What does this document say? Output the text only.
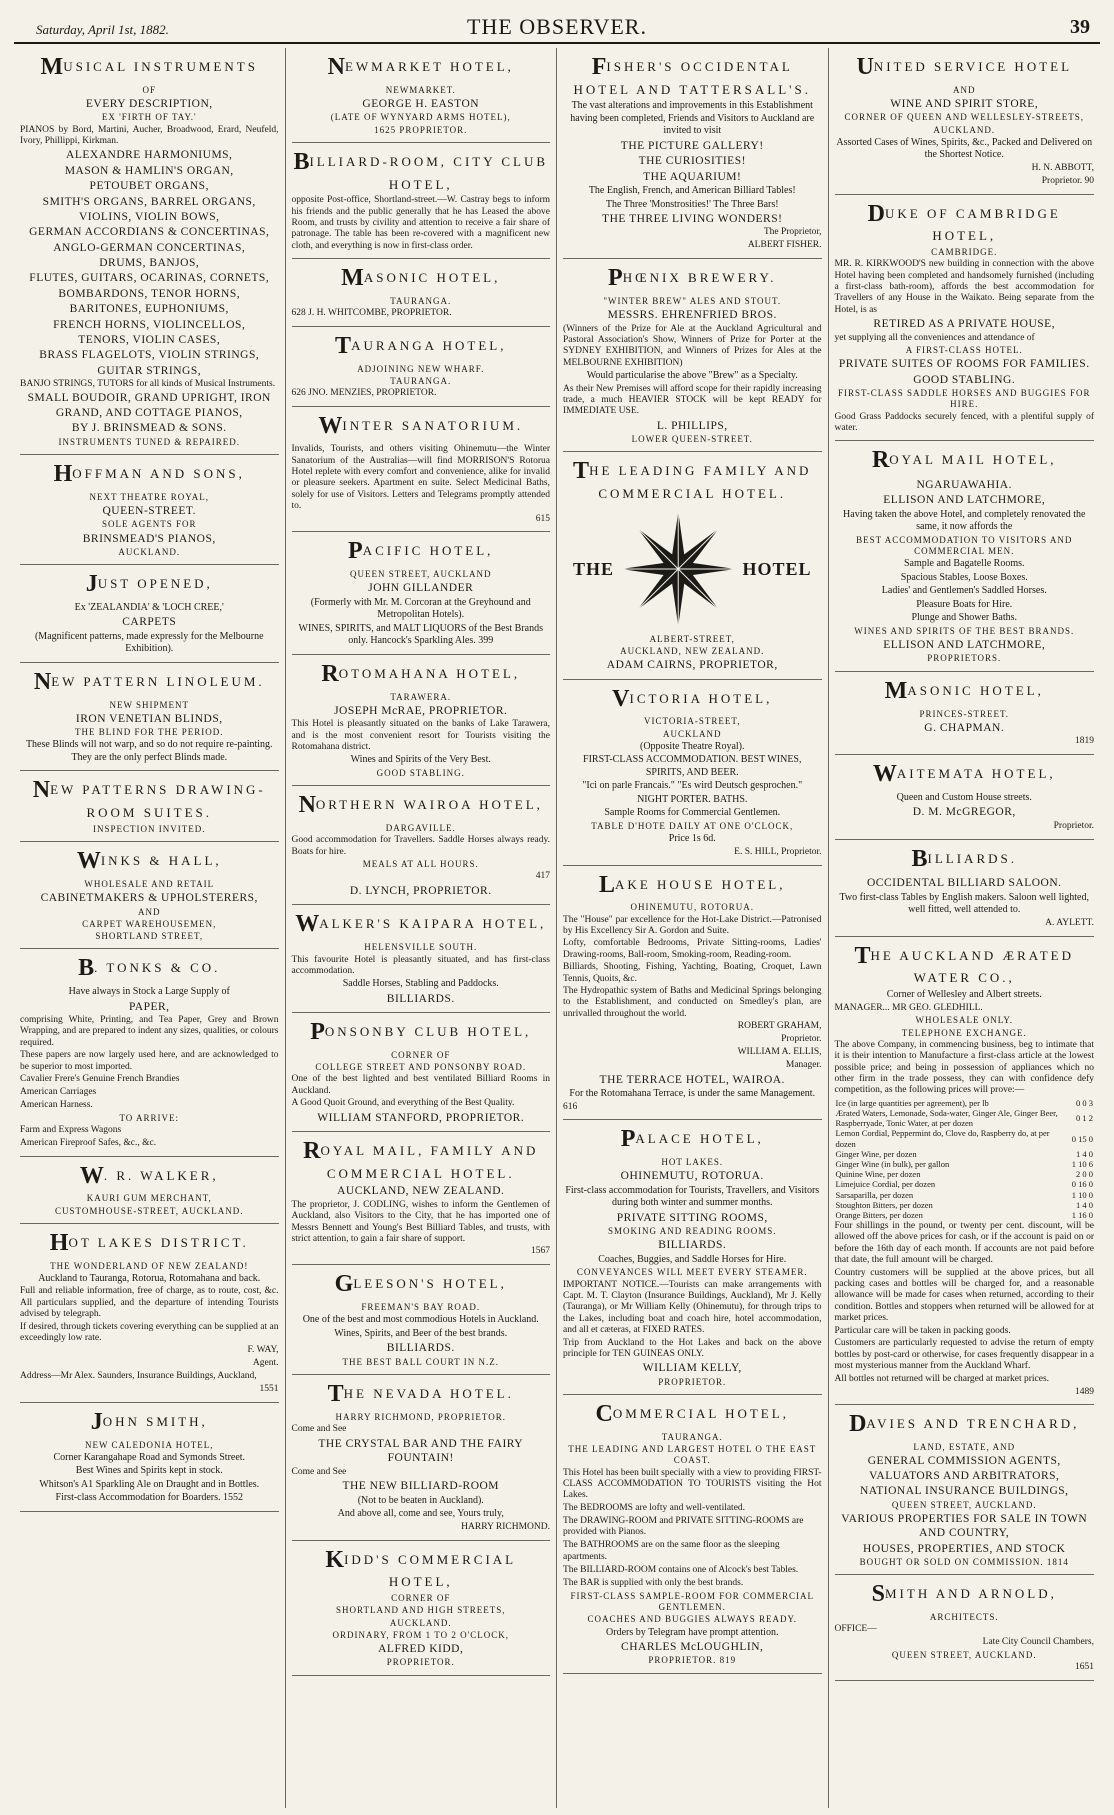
Saturday, April 1st, 1882.	THE OBSERVER.	39
MUSICAL INSTRUMENTS
OF
EVERY DESCRIPTION,
EX 'FIRTH OF TAY.'
PIANOS by Bord, Martini, Aucher, Broadwood, Erard, Neufeld, Ivory, Phillippi, Kirkman.
ALEXANDRE HARMONIUMS,
MASON & HAMLIN'S ORGAN,
PETOUBET ORGANS,
SMITH'S ORGANS, BARREL ORGANS,
VIOLINS, VIOLIN BOWS,
GERMAN ACCORDIANS & CONCERTINAS,
ANGLO-GERMAN CONCERTINAS,
DRUMS, BANJOS,
FLUTES, GUITARS, OCARINAS, CORNETS,
BOMBARDONS, TENOR HORNS,
BARITONES, EUPHONIUMS,
FRENCH HORNS, VIOLINCELLOS,
TENORS, VIOLIN CASES,
BRASS FLAGELOTS, VIOLIN STRINGS,
GUITAR STRINGS,
BANJO STRINGS, TUTORS for all kinds of Musical Instruments.
SMALL BOUDOIR, GRAND UPRIGHT, IRON GRAND, AND COTTAGE PIANOS,
BY J. BRINSMEAD & SONS.
INSTRUMENTS TUNED & REPAIRED.
HOFFMAN AND SONS,
NEXT THEATRE ROYAL,
QUEEN-STREET.
SOLE AGENTS FOR
BRINSMEAD'S PIANOS,
AUCKLAND.
JUST OPENED,
Ex 'ZEALANDIA' & 'LOCH CREE,'
CARPETS
(Magnificent patterns, made expressly for the Melbourne Exhibition).
NEW PATTERN LINOLEUM.
NEW SHIPMENT
IRON VENETIAN BLINDS,
THE BLIND FOR THE PERIOD.
These Blinds will not warp, and so do not require re-painting. They are the only perfect Blinds made.
NEW PATTERNS DRAWING-ROOM SUITES.
INSPECTION INVITED.
WINKS & HALL,
WHOLESALE AND RETAIL
CABINETMAKERS & UPHOLSTERERS,
AND
CARPET WAREHOUSEMEN,
SHORTLAND STREET,
B. TONKS & CO.
Have always in Stock a Large Supply of
PAPER,
comprising White, Printing, and Tea Paper, Grey and Brown Wrapping, and are prepared to indent any sizes, qualities, or colours required.
These papers are now largely used here, and are acknowledged to be superior to most imported.
Cavalier Frere's Genuine French Brandies
American Carriages
American Harness.
TO ARRIVE:
Farm and Express Wagons
American Fireproof Safes, &c., &c.
W. R. WALKER,
KAURI GUM MERCHANT,
CUSTOMHOUSE-STREET, AUCKLAND.
HOT LAKES DISTRICT.
THE WONDERLAND OF NEW ZEALAND!
Auckland to Tauranga, Rotorua, Rotomahana and back.
Full and reliable information, free of charge, as to route, cost, &c. All particulars supplied, and the departure of intending Tourists advised by telegraph.
If desired, through tickets covering everything can be supplied at an exceedingly low rate.
F. WAY,
Agent.
Address—Mr Alex. Saunders, Insurance Buildings, Auckland,
1551
JOHN SMITH,
NEW CALEDONIA HOTEL,
Corner Karangahape Road and Symonds Street.
Best Wines and Spirits kept in stock.
Whitson's A1 Sparkling Ale on Draught and in Bottles.
First-class Accommodation for Boarders. 1552
NEWMARKET HOTEL,
NEWMARKET.
GEORGE H. EASTON
(LATE OF WYNYARD ARMS HOTEL),
1625 PROPRIETOR.
BILLIARD-ROOM, CITY CLUB HOTEL,
opposite Post-office, Shortland-street.—W. Castray begs to inform his friends and the public generally that he has Leased the above Room, and trusts by civility and attention to receive a fair share of patronage. The table has been re-covered with a magnificent new cloth, and everything is now in first-class order.
MASONIC HOTEL,
TAURANGA.
628 J. H. WHITCOMBE, PROPRIETOR.
TAURANGA HOTEL,
ADJOINING NEW WHARF.
TAURANGA.
626 JNO. MENZIES, PROPRIETOR.
WINTER SANATORIUM.
Invalids, Tourists, and others visiting Ohinemutu—the Winter Sanatorium of the Australias—will find MORRISON'S Rotorua Hotel replete with every comfort and convenience, alike for invalid or pleasure seekers. Apartment en suite. Select Medicinal Baths, solely for use of Visitors. Letters and Telegrams promptly attended to.
615
PACIFIC HOTEL,
QUEEN STREET, AUCKLAND
JOHN GILLANDER
(Formerly with Mr. M. Corcoran at the Greyhound and Metropolitan Hotels).
WINES, SPIRITS, and MALT LIQUORS of the Best Brands only. Hancock's Sparkling Ales. 399
ROTOMAHANA HOTEL,
TARAWERA.
JOSEPH McRAE, PROPRIETOR.
This Hotel is pleasantly situated on the banks of Lake Tarawera, and is the most convenient resort for Tourists visiting the Rotomahana district.
Wines and Spirits of the Very Best.
GOOD STABLING.
NORTHERN WAIROA HOTEL,
DARGAVILLE.
Good accommodation for Travellers. Saddle Horses always ready. Boats for hire.
MEALS AT ALL HOURS.
417
D. LYNCH, PROPRIETOR.
WALKER'S KAIPARA HOTEL,
HELENSVILLE SOUTH.
This favourite Hotel is pleasantly situated, and has first-class accommodation.
Saddle Horses, Stabling and Paddocks.
BILLIARDS.
PONSONBY CLUB HOTEL,
CORNER OF
COLLEGE STREET AND PONSONBY ROAD.
One of the best lighted and best ventilated Billiard Rooms in Auckland.
A Good Quoit Ground, and everything of the Best Quality.
WILLIAM STANFORD, PROPRIETOR.
ROYAL MAIL, FAMILY AND COMMERCIAL HOTEL.
AUCKLAND, NEW ZEALAND.
The proprietor, J. CODLING, wishes to inform the Gentlemen of Auckland, also Visitors to the City, that he has imported one of Messrs Bennett and Young's Best Billiard Tables, and trusts, with strict attention, to gain a fair share of support.
1567
GLEESON'S HOTEL,
FREEMAN'S BAY ROAD.
One of the best and most commodious Hotels in Auckland.
Wines, Spirits, and Beer of the best brands.
BILLIARDS.
THE BEST BALL COURT IN N.Z.
THE NEVADA HOTEL.
HARRY RICHMOND, PROPRIETOR.
Come and See
THE CRYSTAL BAR AND THE FAIRY FOUNTAIN!
Come and See
THE NEW BILLIARD-ROOM
(Not to be beaten in Auckland).
And above all, come and see, Yours truly,
HARRY RICHMOND.
KIDD'S COMMERCIAL HOTEL,
CORNER OF
SHORTLAND AND HIGH STREETS,
AUCKLAND.
ORDINARY, FROM 1 TO 2 O'CLOCK,
ALFRED KIDD,
PROPRIETOR.
FISHER'S OCCIDENTAL HOTEL AND TATTERSALL'S.
The vast alterations and improvements in this Establishment having been completed, Friends and Visitors to Auckland are invited to visit
THE PICTURE GALLERY!
THE CURIOSITIES!
THE AQUARIUM!
The English, French, and American Billiard Tables!
The Three 'Monstrosities!' The Three Bars!
THE THREE LIVING WONDERS!
The Proprietor,
ALBERT FISHER.
PHŒNIX BREWERY.
"WINTER BREW" ALES AND STOUT.
MESSRS. EHRENFRIED BROS.
(Winners of the Prize for Ale at the Auckland Agricultural and Pastoral Association's Show, Winners of Prize for Porter at the SYDNEY EXHIBITION, and Winners of Prizes for Ales at the MELBOURNE EXHIBITION)
Would particularise the above "Brew" as a Specialty.
As their New Premises will afford scope for their rapidly increasing trade, a much HEAVIER STOCK will be kept READY for IMMEDIATE USE.
L. PHILLIPS,
LOWER QUEEN-STREET.
THE LEADING FAMILY AND COMMERCIAL HOTEL.
THE	HOTEL
ALBERT-STREET,
AUCKLAND, NEW ZEALAND.
ADAM CAIRNS, PROPRIETOR,
VICTORIA HOTEL,
VICTORIA-STREET,
AUCKLAND
(Opposite Theatre Royal).
FIRST-CLASS ACCOMMODATION. BEST WINES, SPIRITS, AND BEER.
"Ici on parle Francais." "Es wird Deutsch gesprochen."
NIGHT PORTER. BATHS.
Sample Rooms for Commercial Gentlemen.
TABLE D'HOTE DAILY AT ONE O'CLOCK,
Price 1s 6d.
E. S. HILL, Proprietor.
LAKE HOUSE HOTEL,
OHINEMUTU, ROTORUA.
The "House" par excellence for the Hot-Lake District.—Patronised by His Excellency Sir A. Gordon and Suite.
Lofty, comfortable Bedrooms, Private Sitting-rooms, Ladies' Drawing-rooms, Ball-room, Smoking-room, Reading-room.
Billiards, Shooting, Fishing, Yachting, Boating, Croquet, Lawn Tennis, Quoits, &c.
The Hydropathic system of Baths and Medicinal Springs belonging to the Establishment, and conducted on Smedley's plan, are unrivalled throughout the world.
ROBERT GRAHAM,
Proprietor.
WILLIAM A. ELLIS,
Manager.
THE TERRACE HOTEL, WAIROA.
For the Rotomahana Terrace, is under the same Management.
616
PALACE HOTEL,
HOT LAKES.
OHINEMUTU, ROTORUA.
First-class accommodation for Tourists, Travellers, and Visitors during both winter and summer months.
PRIVATE SITTING ROOMS,
SMOKING AND READING ROOMS.
BILLIARDS.
Coaches, Buggies, and Saddle Horses for Hire.
CONVEYANCES WILL MEET EVERY STEAMER.
IMPORTANT NOTICE.—Tourists can make arrangements with Capt. M. T. Clayton (Insurance Buildings, Auckland), Mr J. Kelly (Tauranga), or Mr William Kelly (Ohinemutu), for through trips to the Lakes, including boat and coach hire, hotel accommodation, and all et cæteras, at FIXED RATES.
Trip from Auckland to the Hot Lakes and back on the above principle for TEN GUINEAS ONLY.
WILLIAM KELLY,
PROPRIETOR.
COMMERCIAL HOTEL,
TAURANGA.
THE LEADING AND LARGEST HOTEL O THE EAST COAST.
This Hotel has been built specially with a view to providing FIRST-CLASS ACCOMMODATION TO TOURISTS visiting the Hot Lakes.
The BEDROOMS are lofty and well-ventilated.
The DRAWING-ROOM and PRIVATE SITTING-ROOMS are provided with Pianos.
The BATHROOMS are on the same floor as the sleeping apartments.
The BILLIARD-ROOM contains one of Alcock's best Tables.
The BAR is supplied with only the best brands.
FIRST-CLASS SAMPLE-ROOM FOR COMMERCIAL GENTLEMEN.
COACHES AND BUGGIES ALWAYS READY.
Orders by Telegram have prompt attention.
CHARLES McLOUGHLIN,
PROPRIETOR. 819
UNITED SERVICE HOTEL
AND
WINE AND SPIRIT STORE,
CORNER OF QUEEN AND WELLESLEY-STREETS,
AUCKLAND.
Assorted Cases of Wines, Spirits, &c., Packed and Delivered on the Shortest Notice.
H. N. ABBOTT,
Proprietor. 90
DUKE OF CAMBRIDGE HOTEL,
CAMBRIDGE.
MR. R. KIRKWOOD'S new building in connection with the above Hotel having been completed and handsomely furnished (including a first-class bath-room), affords the best accommodation for Travellers of any House in the Waikato. Being separate from the Hotel, is as
RETIRED AS A PRIVATE HOUSE,
yet supplying all the conveniences and attendance of
A FIRST-CLASS HOTEL.
PRIVATE SUITES OF ROOMS FOR FAMILIES.
GOOD STABLING.
FIRST-CLASS SADDLE HORSES AND BUGGIES FOR HIRE.
Good Grass Paddocks securely fenced, with a plentiful supply of water.
ROYAL MAIL HOTEL,
NGARUAWAHIA.
ELLISON AND LATCHMORE,
Having taken the above Hotel, and completely renovated the same, it now affords the
BEST ACCOMMODATION TO VISITORS AND COMMERCIAL MEN.
Sample and Bagatelle Rooms.
Spacious Stables, Loose Boxes.
Ladies' and Gentlemen's Saddled Horses.
Pleasure Boats for Hire.
Plunge and Shower Baths.
WINES AND SPIRITS OF THE BEST BRANDS.
ELLISON AND LATCHMORE,
PROPRIETORS.
MASONIC HOTEL,
PRINCES-STREET.
G. CHAPMAN.
1819
WAITEMATA HOTEL,
Queen and Custom House streets.
D. M. McGREGOR,
Proprietor.
BILLIARDS.
OCCIDENTAL BILLIARD SALOON.
Two first-class Tables by English makers. Saloon well lighted, well fitted, well attended to.
A. AYLETT.
THE AUCKLAND ÆRATED WATER CO.,
Corner of Wellesley and Albert streets.
MANAGER... MR GEO. GLEDHILL.
WHOLESALE ONLY.
TELEPHONE EXCHANGE.
The above Company, in commencing business, beg to intimate that it is their intention to Manufacture a first-class article at the lowest possible price; and being in possession of appliances which no other firm in the trade possess, they can with confidence defy competition, as the following prices will prove:—
Ice (in large quantities per agreement), per lb	0 0 3
Ærated Waters, Lemonade, Soda-water, Ginger Ale, Ginger Beer, Raspberryade, Tonic Water, at per dozen	0 1 2
Lemon Cordial, Peppermint do, Clove do, Raspberry do, at per dozen	0 15 0
Ginger Wine, per dozen	1 4 0
Ginger Wine (in bulk), per gallon	1 10 6
Quinine Wine, per dozen	2 0 0
Limejuice Cordial, per dozen	0 16 0
Sarsaparilla, per dozen	1 10 0
Stoughton Bitters, per dozen	1 4 0
Orange Bitters, per dozen	1 16 0
Four shillings in the pound, or twenty per cent. discount, will be allowed off the above prices for cash, or if the account is paid on or before the 16th day of each month. If accounts are not paid before that date, the full amount will be charged.
Country customers will be supplied at the above prices, but all packing cases and bottles will be charged for, and a reasonable allowance will be made for cases when returned, according to their condition. Bottles and stoppers when returned will be allowed for at market prices.
Particular care will be taken in packing goods.
Customers are particularly requested to advise the return of empty bottles by post-card or otherwise, for cases frequently disappear in a most mysterious manner from the Auckland Wharf.
All bottles not returned will be charged at market prices.
1489
DAVIES AND TRENCHARD,
LAND, ESTATE, AND
GENERAL COMMISSION AGENTS, VALUATORS AND ARBITRATORS,
NATIONAL INSURANCE BUILDINGS,
QUEEN STREET, AUCKLAND.
VARIOUS PROPERTIES FOR SALE IN TOWN AND COUNTRY,
HOUSES, PROPERTIES, AND STOCK
BOUGHT OR SOLD ON COMMISSION. 1814
SMITH AND ARNOLD,
ARCHITECTS.
OFFICE—
Late City Council Chambers,
QUEEN STREET, AUCKLAND.
1651
